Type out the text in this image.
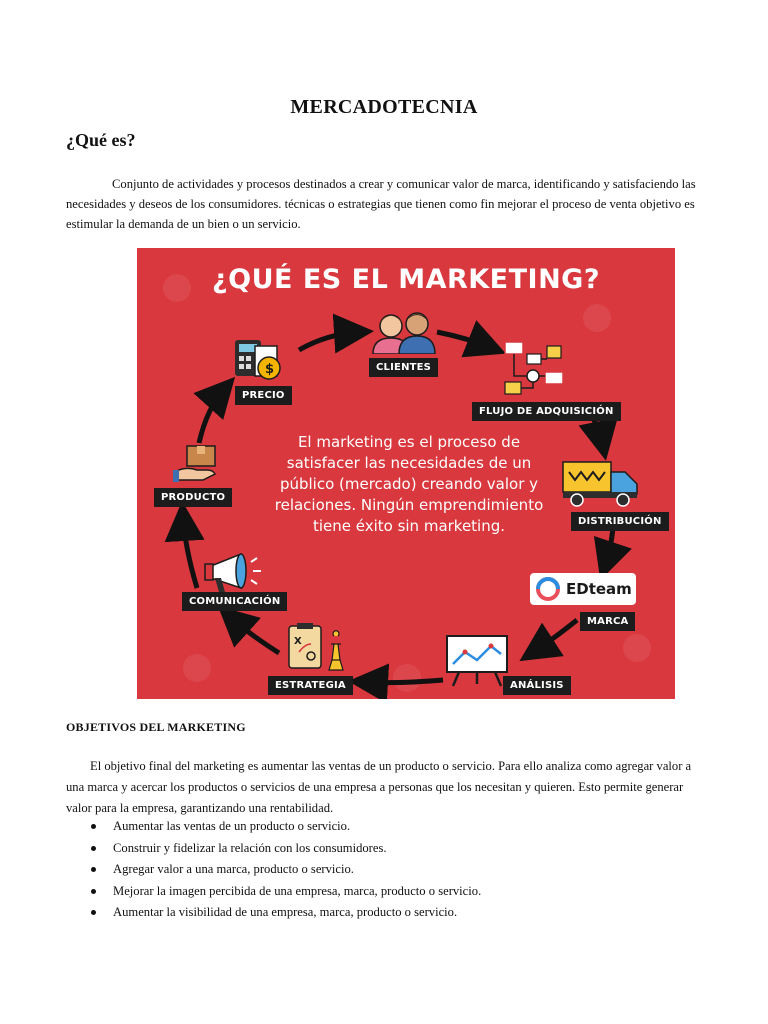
MERCADOTECNIA
¿Qué es?
Conjunto de actividades y procesos destinados a crear y comunicar valor de marca, identificando y satisfaciendo las necesidades y deseos de los consumidores. técnicas o estrategias que tienen como fin mejorar el proceso de venta objetivo es estimular la demanda de un bien o un servicio.
¿QUÉ ES EL MARKETING?
El marketing es el proceso de satisfacer las necesidades de un público (mercado) creando valor y relaciones. Ningún emprendimiento tiene éxito sin marketing.
$
EDteam
X
CLIENTES
FLUJO DE ADQUISICIÓN
DISTRIBUCIÓN
MARCA
ANÁLISIS
ESTRATEGIA
COMUNICACIÓN
PRODUCTO
PRECIO
OBJETIVOS DEL MARKETING
El objetivo final del marketing es aumentar las ventas de un producto o servicio. Para ello analiza como agregar valor a una marca y acercar los productos o servicios de una empresa a personas que los necesitan y quieren. Esto permite generar valor para la empresa, garantizando una rentabilidad.
Aumentar las ventas de un producto o servicio.
Construir y fidelizar la relación con los consumidores.
Agregar valor a una marca, producto o servicio.
Mejorar la imagen percibida de una empresa, marca, producto o servicio.
Aumentar la visibilidad de una empresa, marca, producto o servicio.
